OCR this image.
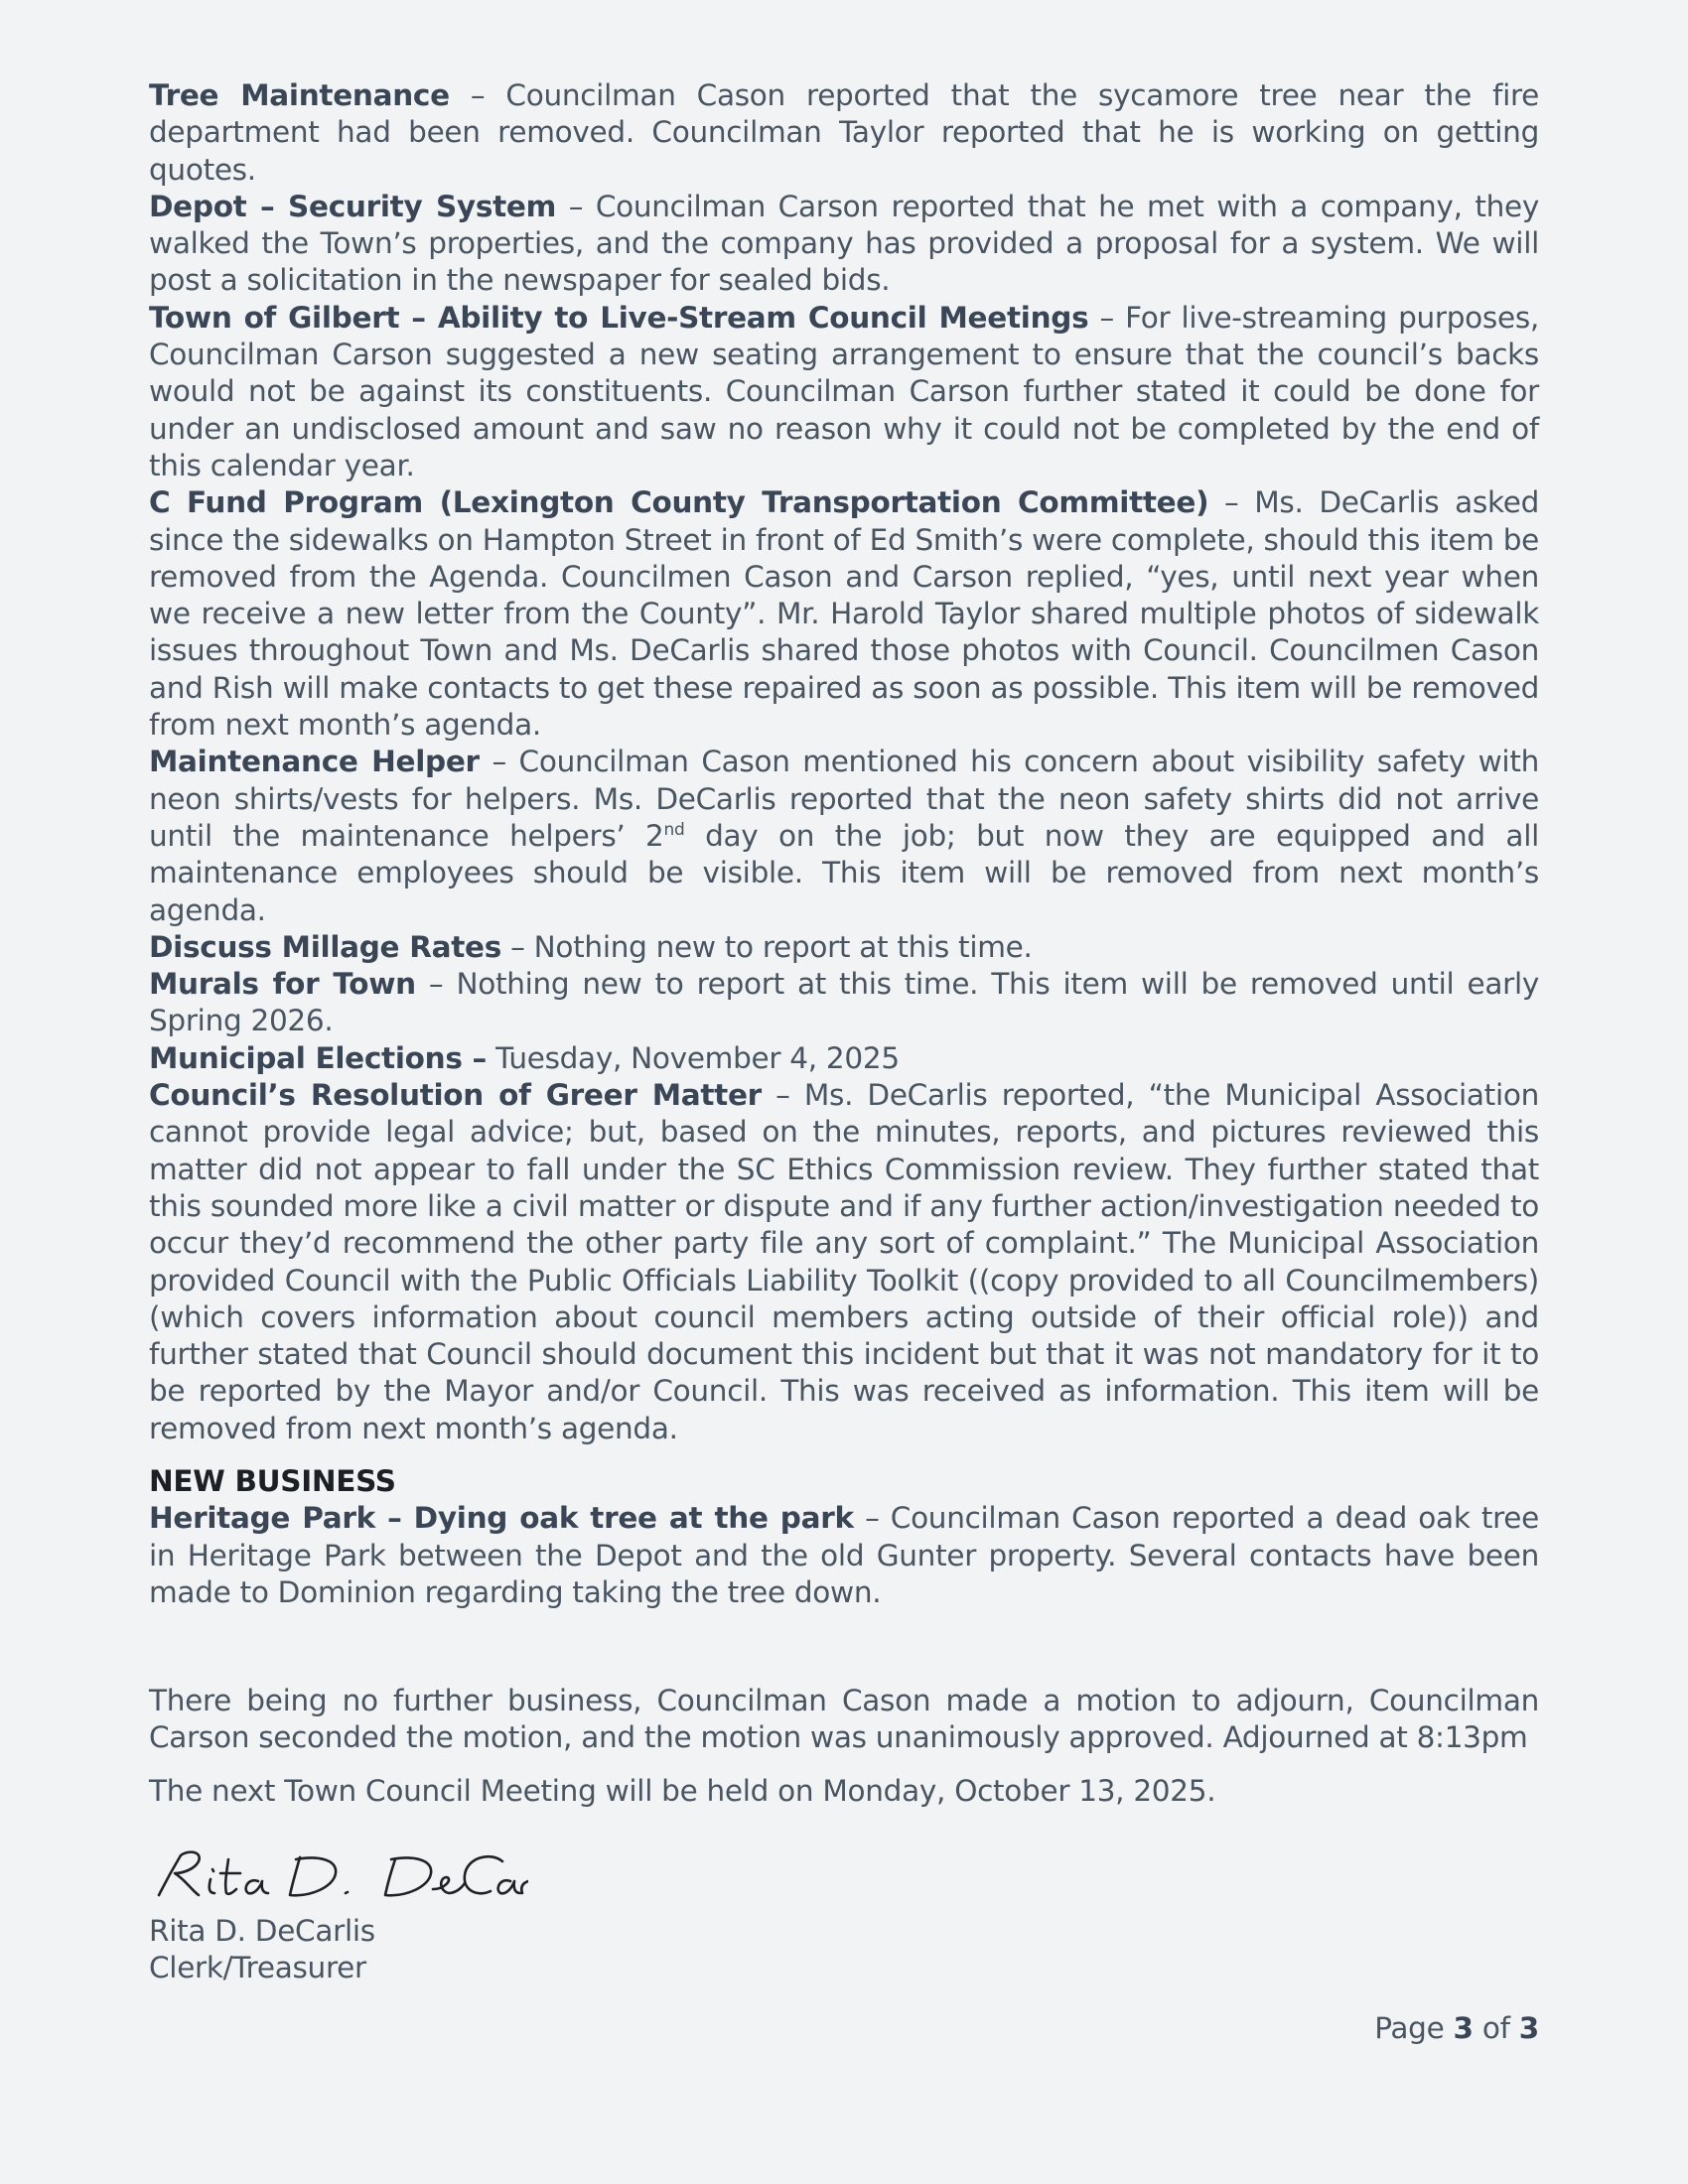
Tree Maintenance – Councilman Cason reported that the sycamore tree near the fire department had been removed. Councilman Taylor reported that he is working on getting quotes.

Depot – Security System – Councilman Carson reported that he met with a company, they walked the Town’s properties, and the company has provided a proposal for a system. We will post a solicitation in the newspaper for sealed bids.

Town of Gilbert – Ability to Live-Stream Council Meetings – For live-streaming purposes, Councilman Carson suggested a new seating arrangement to ensure that the council’s backs would not be against its constituents. Councilman Carson further stated it could be done for under an undisclosed amount and saw no reason why it could not be completed by the end of this calendar year.

C Fund Program (Lexington County Transportation Committee) – Ms. DeCarlis asked since the sidewalks on Hampton Street in front of Ed Smith’s were complete, should this item be removed from the Agenda. Councilmen Cason and Carson replied, “yes, until next year when we receive a new letter from the County”. Mr. Harold Taylor shared multiple photos of sidewalk issues throughout Town and Ms. DeCarlis shared those photos with Council. Councilmen Cason and Rish will make contacts to get these repaired as soon as possible. This item will be removed from next month’s agenda.

Maintenance Helper – Councilman Cason mentioned his concern about visibility safety with neon shirts/vests for helpers. Ms. DeCarlis reported that the neon safety shirts did not arrive until the maintenance helpers’ 2nd day on the job; but now they are equipped and all maintenance employees should be visible. This item will be removed from next month’s agenda.

Discuss Millage Rates – Nothing new to report at this time.

Murals for Town – Nothing new to report at this time. This item will be removed until early Spring 2026.

Municipal Elections – Tuesday, November 4, 2025

Council’s Resolution of Greer Matter – Ms. DeCarlis reported, “the Municipal Association cannot provide legal advice; but, based on the minutes, reports, and pictures reviewed this matter did not appear to fall under the SC Ethics Commission review. They further stated that this sounded more like a civil matter or dispute and if any further action/investigation needed to occur they’d recommend the other party file any sort of complaint.” The Municipal Association provided Council with the Public Officials Liability Toolkit ((copy provided to all Councilmembers) (which covers information about council members acting outside of their official role)) and further stated that Council should document this incident but that it was not mandatory for it to be reported by the Mayor and/or Council. This was received as information. This item will be removed from next month’s agenda.

NEW BUSINESS

Heritage Park – Dying oak tree at the park – Councilman Cason reported a dead oak tree in Heritage Park between the Depot and the old Gunter property. Several contacts have been made to Dominion regarding taking the tree down.

There being no further business, Councilman Cason made a motion to adjourn, Councilman Carson seconded the motion, and the motion was unanimously approved. Adjourned at 8:13pm

The next Town Council Meeting will be held on Monday, October 13, 2025.

Rita D. DeCarlis

Clerk/Treasurer

Page 3 of 3
